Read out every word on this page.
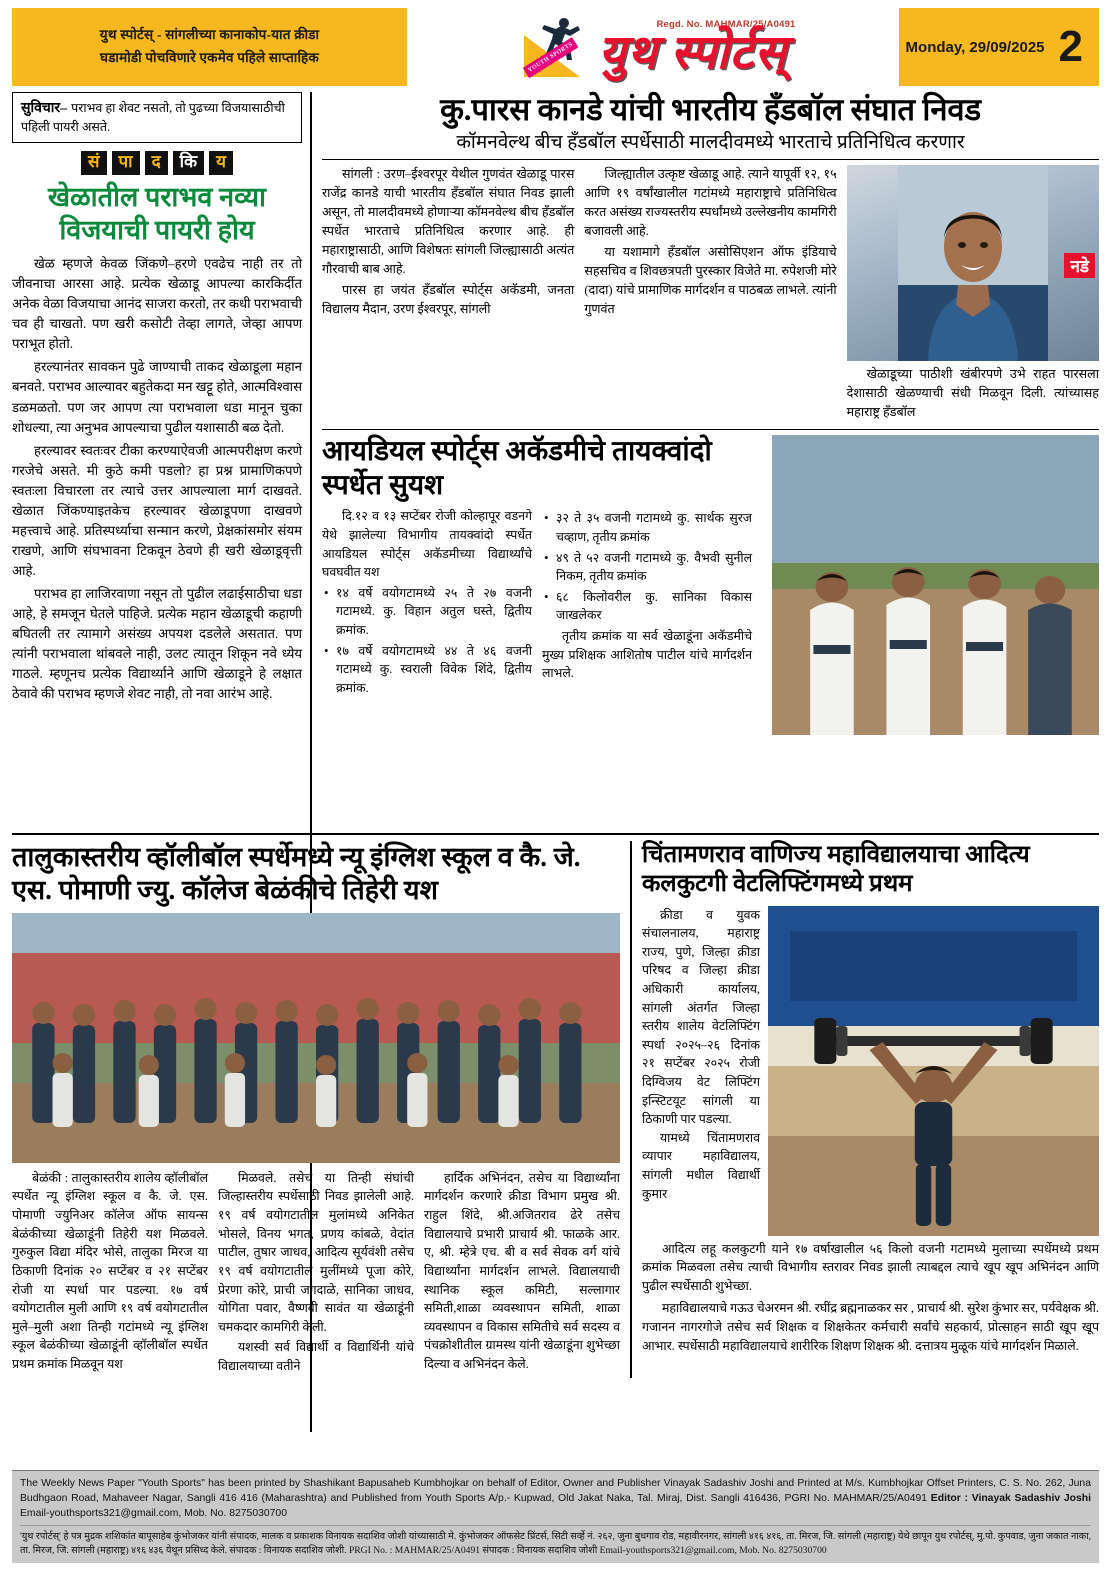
युथ स्पोर्टस् - सांगलीच्या कानाकोप-यात क्रीडा
घडामोडी पोचविणारे एकमेव पहिले साप्ताहिक	YOUTH SPORTS
Regd. No. MAHMAR/25/A0491
युथ स्पोर्टस्	Monday, 29/09/2025 2
सुविचार– पराभव हा शेवट नसतो, तो पुढच्या विजयासाठीची पहिली पायरी असते.
सं	पा	द	कि	य
खेळातील पराभव नव्या विजयाची पायरी होय

खेळ म्हणजे केवळ जिंकणे–हरणे एवढेच नाही तर तो जीवनाचा आरसा आहे. प्रत्येक खेळाडू आपल्या कारकिर्दीत अनेक वेळा विजयाचा आनंद साजरा करतो, तर कधी पराभवाची चव ही चाखतो. पण खरी कसोटी तेव्हा लागते, जेव्हा आपण पराभूत होतो.

हरल्यानंतर सावकन पुढे जाण्याची ताकद खेळाडूला महान बनवते. पराभव आल्यावर बहुतेकदा मन खट्टू होते, आत्मविश्वास डळमळतो. पण जर आपण त्या पराभवाला धडा मानून चुका शोधल्या, त्या अनुभव आपल्याचा पुढील यशासाठी बळ देतो.

हरल्यावर स्वतःवर टीका करण्याऐवजी आत्मपरीक्षण करणे गरजेचे असते. मी कुठे कमी पडलो? हा प्रश्न प्रामाणिकपणे स्वतःला विचारला तर त्याचे उत्तर आपल्याला मार्ग दाखवते. खेळात जिंकण्याइतकेच हरल्यावर खेळाडूपणा दाखवणे महत्त्वाचे आहे. प्रतिस्पर्ध्याचा सन्मान करणे, प्रेक्षकांसमोर संयम राखणे, आणि संघभावना टिकवून ठेवणे ही खरी खेळाडूवृत्ती आहे.

पराभव हा लाजिरवाणा नसून तो पुढील लढाईसाठीचा धडा आहे, हे समजून घेतले पाहिजे. प्रत्येक महान खेळाडूची कहाणी बघितली तर त्यामागे असंख्य अपयश दडलेले असतात. पण त्यांनी पराभवाला थांबवले नाही, उलट त्यातून शिकून नवे ध्येय गाठले. म्हणूनच प्रत्येक विद्यार्थ्याने आणि खेळाडूने हे लक्षात ठेवावे की पराभव म्हणजे शेवट नाही, तो नवा आरंभ आहे.

कु.पारस कानडे यांची भारतीय हँडबॉल संघात निवड
कॉमनवेल्थ बीच हँडबॉल स्पर्धेसाठी मालदीवमध्ये भारताचे प्रतिनिधित्व करणार

सांगली : उरण–ईश्वरपूर येथील गुणवंत खेळाडू पारस राजेंद्र कानडे याची भारतीय हँडबॉल संघात निवड झाली असून, तो मालदीवमध्ये होणाऱ्या कॉमनवेल्थ बीच हँडबॉल स्पर्धेत भारताचे प्रतिनिधित्व करणार आहे. ही महाराष्ट्रासाठी, आणि विशेषतः सांगली जिल्ह्यासाठी अत्यंत गौरवाची बाब आहे.

पारस हा जयंत हँडबॉल स्पोर्ट्स अकॅडमी, जनता विद्यालय मैदान, उरण ईश्वरपूर, सांगली

जिल्ह्यातील उत्कृष्ट खेळाडू आहे. त्याने यापूर्वी १२, १५ आणि १९ वर्षांखालील गटांमध्ये महाराष्ट्राचे प्रतिनिधित्व करत असंख्य राज्यस्तरीय स्पर्धांमध्ये उल्लेखनीय कामगिरी बजावली आहे.

या यशामागे हँडबॉल असोसिएशन ऑफ इंडियाचे सहसचिव व शिवछत्रपती पुरस्कार विजेते मा. रुपेशजी मोरे (दादा) यांचे प्रामाणिक मार्गदर्शन व पाठबळ लाभले. त्यांनी गुणवंत

नडे

खेळाडूच्या पाठीशी खंबीरपणे उभे राहत पारसला देशासाठी खेळण्याची संधी मिळवून दिली. त्यांच्यासह महाराष्ट्र हँडबॉल

आयडियल स्पोर्ट्स अकॅडमीचे तायक्वांदो स्पर्धेत सुयश

दि.१२ व १३ सप्टेंबर रोजी कोल्हापूर वडनगे येथे झालेल्या विभागीय तायक्वांदो स्पर्धेत आयडियल स्पोर्ट्स अकॅडमीच्या विद्यार्थ्यांचे घवघवीत यश

• १४ वर्षे वयोगटामध्ये २५ ते २७ वजनी गटामध्ये. कु. विहान अतुल घस्ते, द्वितीय क्रमांक.
• १७ वर्षे वयोगटामध्ये ४४ ते ४६ वजनी गटामध्ये कु. स्वराली विवेक शिंदे, द्वितीय क्रमांक.
• ३२ ते ३५ वजनी गटामध्ये कु. सार्थक सुरज चव्हाण, तृतीय क्रमांक
• ४९ ते ५२ वजनी गटामध्ये कु. वैभवी सुनील निकम, तृतीय क्रमांक
• ६८ किलोवरील कु. सानिका विकास जाखलेकर

तृतीय क्रमांक या सर्व खेळाडूंना अकॅडमीचे मुख्य प्रशिक्षक आशितोष पाटील यांचे मार्गदर्शन लाभले.

तालुकास्तरीय व्हॉलीबॉल स्पर्धेमध्ये न्यू इंग्लिश स्कूल व कै. जे. एस. पोमाणी ज्यु. कॉलेज बेळंकीचे तिहेरी यश

बेळंकी : तालुकास्तरीय शालेय व्हॉलीबॉल स्पर्धेत न्यू इंग्लिश स्कूल व कै. जे. एस. पोमाणी ज्युनिअर कॉलेज ऑफ सायन्स बेळंकीच्या खेळाडूंनी तिहेरी यश मिळवले. गुरुकुल विद्या मंदिर भोसे, तालुका मिरज या ठिकाणी दिनांक २० सप्टेंबर व २१ सप्टेंबर रोजी या स्पर्धा पार पडल्या. १७ वर्ष वयोगटातील मुली आणि १९ वर्ष वयोगटातील मुले–मुली अशा तिन्ही गटांमध्ये न्यू इंग्लिश स्कूल बेळंकीच्या खेळाडूंनी व्हॉलीबॉल स्पर्धेत प्रथम क्रमांक मिळवून यश

मिळवले. तसेच या तिन्ही संघांची जिल्हास्तरीय स्पर्धेसाठी निवड झालेली आहे. १९ वर्ष वयोगटातील मुलांमध्ये अनिकेत भोसले, विनय भगत, प्रणय कांबळे, वेदांत पाटील, तुषार जाधव, आदित्य सूर्यवंशी तसेच १९ वर्ष वयोगटातील मुलींमध्ये पूजा कोरे, प्रेरणा कोरे, प्राची जगदाळे, सानिका जाधव, योगिता पवार, वैष्णवी सावंत या खेळाडूंनी चमकदार कामगिरी केली.

यशस्वी सर्व विद्यार्थी व विद्यार्थिनी यांचे विद्यालयाच्या वतीने

हार्दिक अभिनंदन, तसेच या विद्यार्थ्यांना मार्गदर्शन करणारे क्रीडा विभाग प्रमुख श्री. राहुल शिंदे, श्री.अजितराव ढेरे तसेच विद्यालयाचे प्रभारी प्राचार्य श्री. फाळके आर. ए, श्री. म्हेत्रे एच. बी व सर्व सेवक वर्ग यांचे विद्यार्थ्यांना मार्गदर्शन लाभले. विद्यालयाची स्थानिक स्कूल कमिटी, सल्लागार समिती,शाळा व्यवस्थापन समिती, शाळा व्यवस्थापन व विकास समितीचे सर्व सदस्य व पंचक्रोशीतील ग्रामस्थ यांनी खेळाडूंना शुभेच्छा दिल्या व अभिनंदन केले.

चिंतामणराव वाणिज्य महाविद्यालयाचा आदित्य कलकुटगी वेटलिफ्टिंगमध्ये प्रथम

क्रीडा व युवक संचालनालय, महाराष्ट्र राज्य, पुणे, जिल्हा क्रीडा परिषद व जिल्हा क्रीडा अधिकारी कार्यालय, सांगली अंतर्गत जिल्हा स्तरीय शालेय वेटलिफ्टिंग स्पर्धा २०२५–२६ दिनांक २१ सप्टेंबर २०२५ रोजी दिग्विजय वेट लिफ्टिंग इन्स्टिटयूट सांगली या ठिकाणी पार पडल्या.

यामध्ये चिंतामणराव व्यापार महाविद्यालय, सांगली मधील विद्यार्थी कुमार

आदित्य लहू कलकुटगी याने १७ वर्षाखालील ५६ किलो वजनी गटामध्ये मुलाच्या स्पर्धेमध्ये प्रथम क्रमांक मिळवला तसेच त्याची विभागीय स्तरावर निवड झाली त्याबद्दल त्याचे खूप खूप अभिनंदन आणि पुढील स्पर्धेसाठी शुभेच्छा.

महाविद्यालयाचे गऊउ चेअरमन श्री. रघींद्र ब्रह्मनाळकर सर , प्राचार्य श्री. सुरेश कुंभार सर, पर्यवेक्षक श्री. गजानन नागरगोजे तसेच सर्व शिक्षक व शिक्षकेतर कर्मचारी सर्वांचे सहकार्य, प्रोत्साहन साठी खूप खूप आभार. स्पर्धेसाठी महाविद्यालयाचे शारीरिक शिक्षण शिक्षक श्री. दत्तात्रय मुळूक यांचे मार्गदर्शन मिळाले.

The Weekly News Paper "Youth Sports" has been printed by Shashikant Bapusaheb Kumbhojkar on behalf of Editor, Owner and Publisher Vinayak Sadashiv Joshi and Printed at M/s. Kumbhojkar Offset Printers, C. S. No. 262, Juna Budhgaon Road, Mahaveer Nagar, Sangli 416 416 (Maharashtra) and Published from Youth Sports A/p.- Kupwad, Old Jakat Naka, Tal. Miraj, Dist. Sangli 416436, PGRI No. MAHMAR/25/A0491 Editor : Vinayak Sadashiv Joshi Email-youthsports321@gmail.com, Mob. No. 8275030700
'युथ रपोर्टस्' हे पत्र मुद्रक शशिकांत बापूसाहेब कुंभोजकर यांनी संपादक, मालक व प्रकाशक विनायक सदाशिव जोशी यांच्यासाठी मे. कुंभोजकर ऑफसेट प्रिंटर्स, सिटी सर्व्हे नं. २६२, जुना बुधगाव रोड, महावीरनगर, सांगली ४१६ ४१६, ता. मिरज, जि. सांगली (महाराष्ट्र) येथे छापून युथ रपोर्टस्, मु.पो. कुपवाड, जुना जकात नाका, ता. मिरज, जि. सांगली (महाराष्ट्र) ४१६ ४३६ येथून प्रसिध्द केले. संपादक : विनायक सदाशिव जोशी. PRGI No. : MAHMAR/25/A0491 संपादक : विनायक सदाशिव जोशी Email-youthsports321@gmail.com, Mob. No. 8275030700
